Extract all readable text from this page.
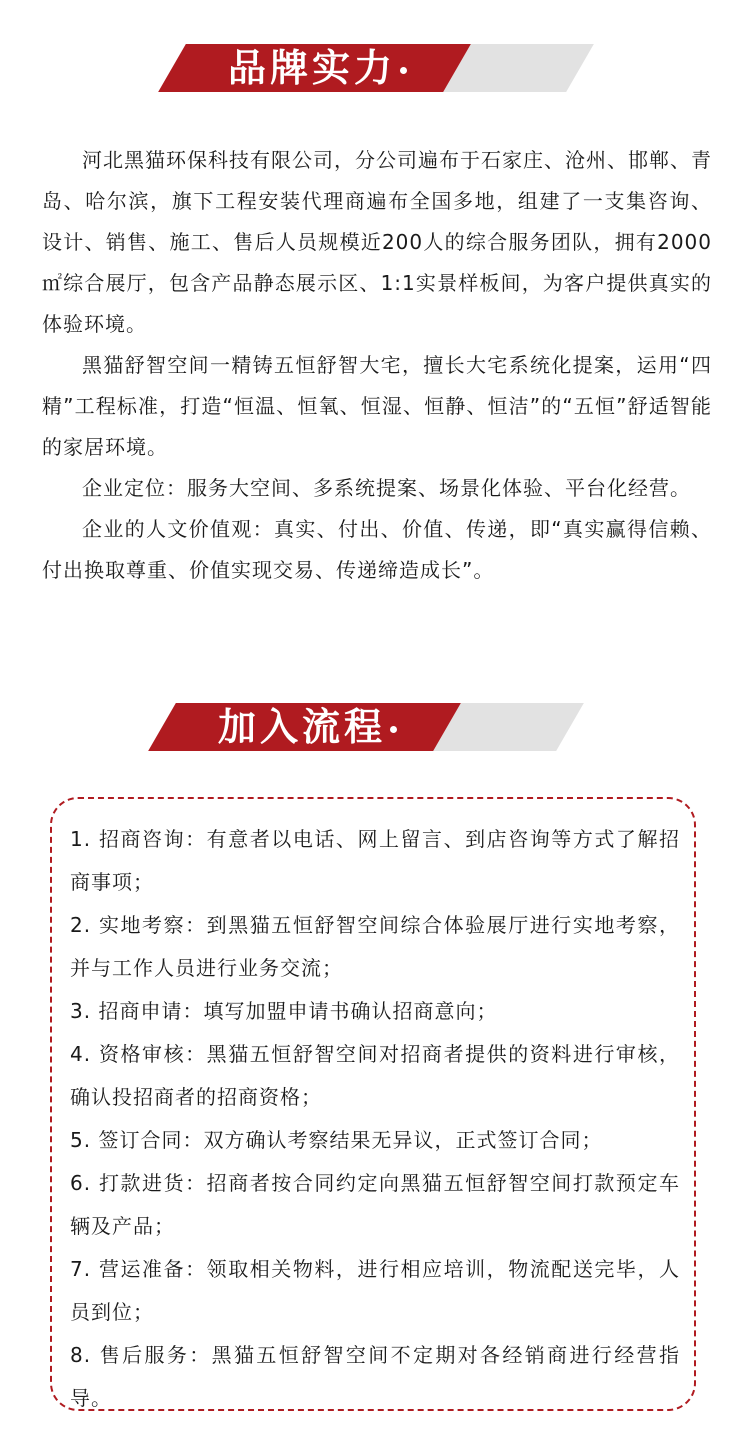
品牌实力

河北黑猫环保科技有限公司，分公司遍布于石家庄、沧州、邯郸、青岛、哈尔滨，旗下工程安装代理商遍布全国多地，组建了一支集咨询、设计、销售、施工、售后人员规模近200人的综合服务团队，拥有2000㎡综合展厅，包含产品静态展示区、1:1实景样板间，为客户提供真实的体验环境。

黑猫舒智空间一精铸五恒舒智大宅，擅长大宅系统化提案，运用“四精”工程标准，打造“恒温、恒氧、恒湿、恒静、恒洁”的“五恒”舒适智能的家居环境。

企业定位：服务大空间、多系统提案、场景化体验、平台化经营。

企业的人文价值观：真实、付出、价值、传递，即“真实赢得信赖、付出换取尊重、价值实现交易、传递缔造成长”。

加入流程

1. 招商咨询：有意者以电话、网上留言、到店咨询等方式了解招商事项；

2. 实地考察：到黑猫五恒舒智空间综合体验展厅进行实地考察，并与工作人员进行业务交流；

3. 招商申请：填写加盟申请书确认招商意向；

4. 资格审核：黑猫五恒舒智空间对招商者提供的资料进行审核，确认投招商者的招商资格；

5. 签订合同：双方确认考察结果无异议，正式签订合同；

6. 打款进货：招商者按合同约定向黑猫五恒舒智空间打款预定车辆及产品；

7. 营运准备：领取相关物料，进行相应培训，物流配送完毕，人员到位；

8. 售后服务：黑猫五恒舒智空间不定期对各经销商进行经营指导。
